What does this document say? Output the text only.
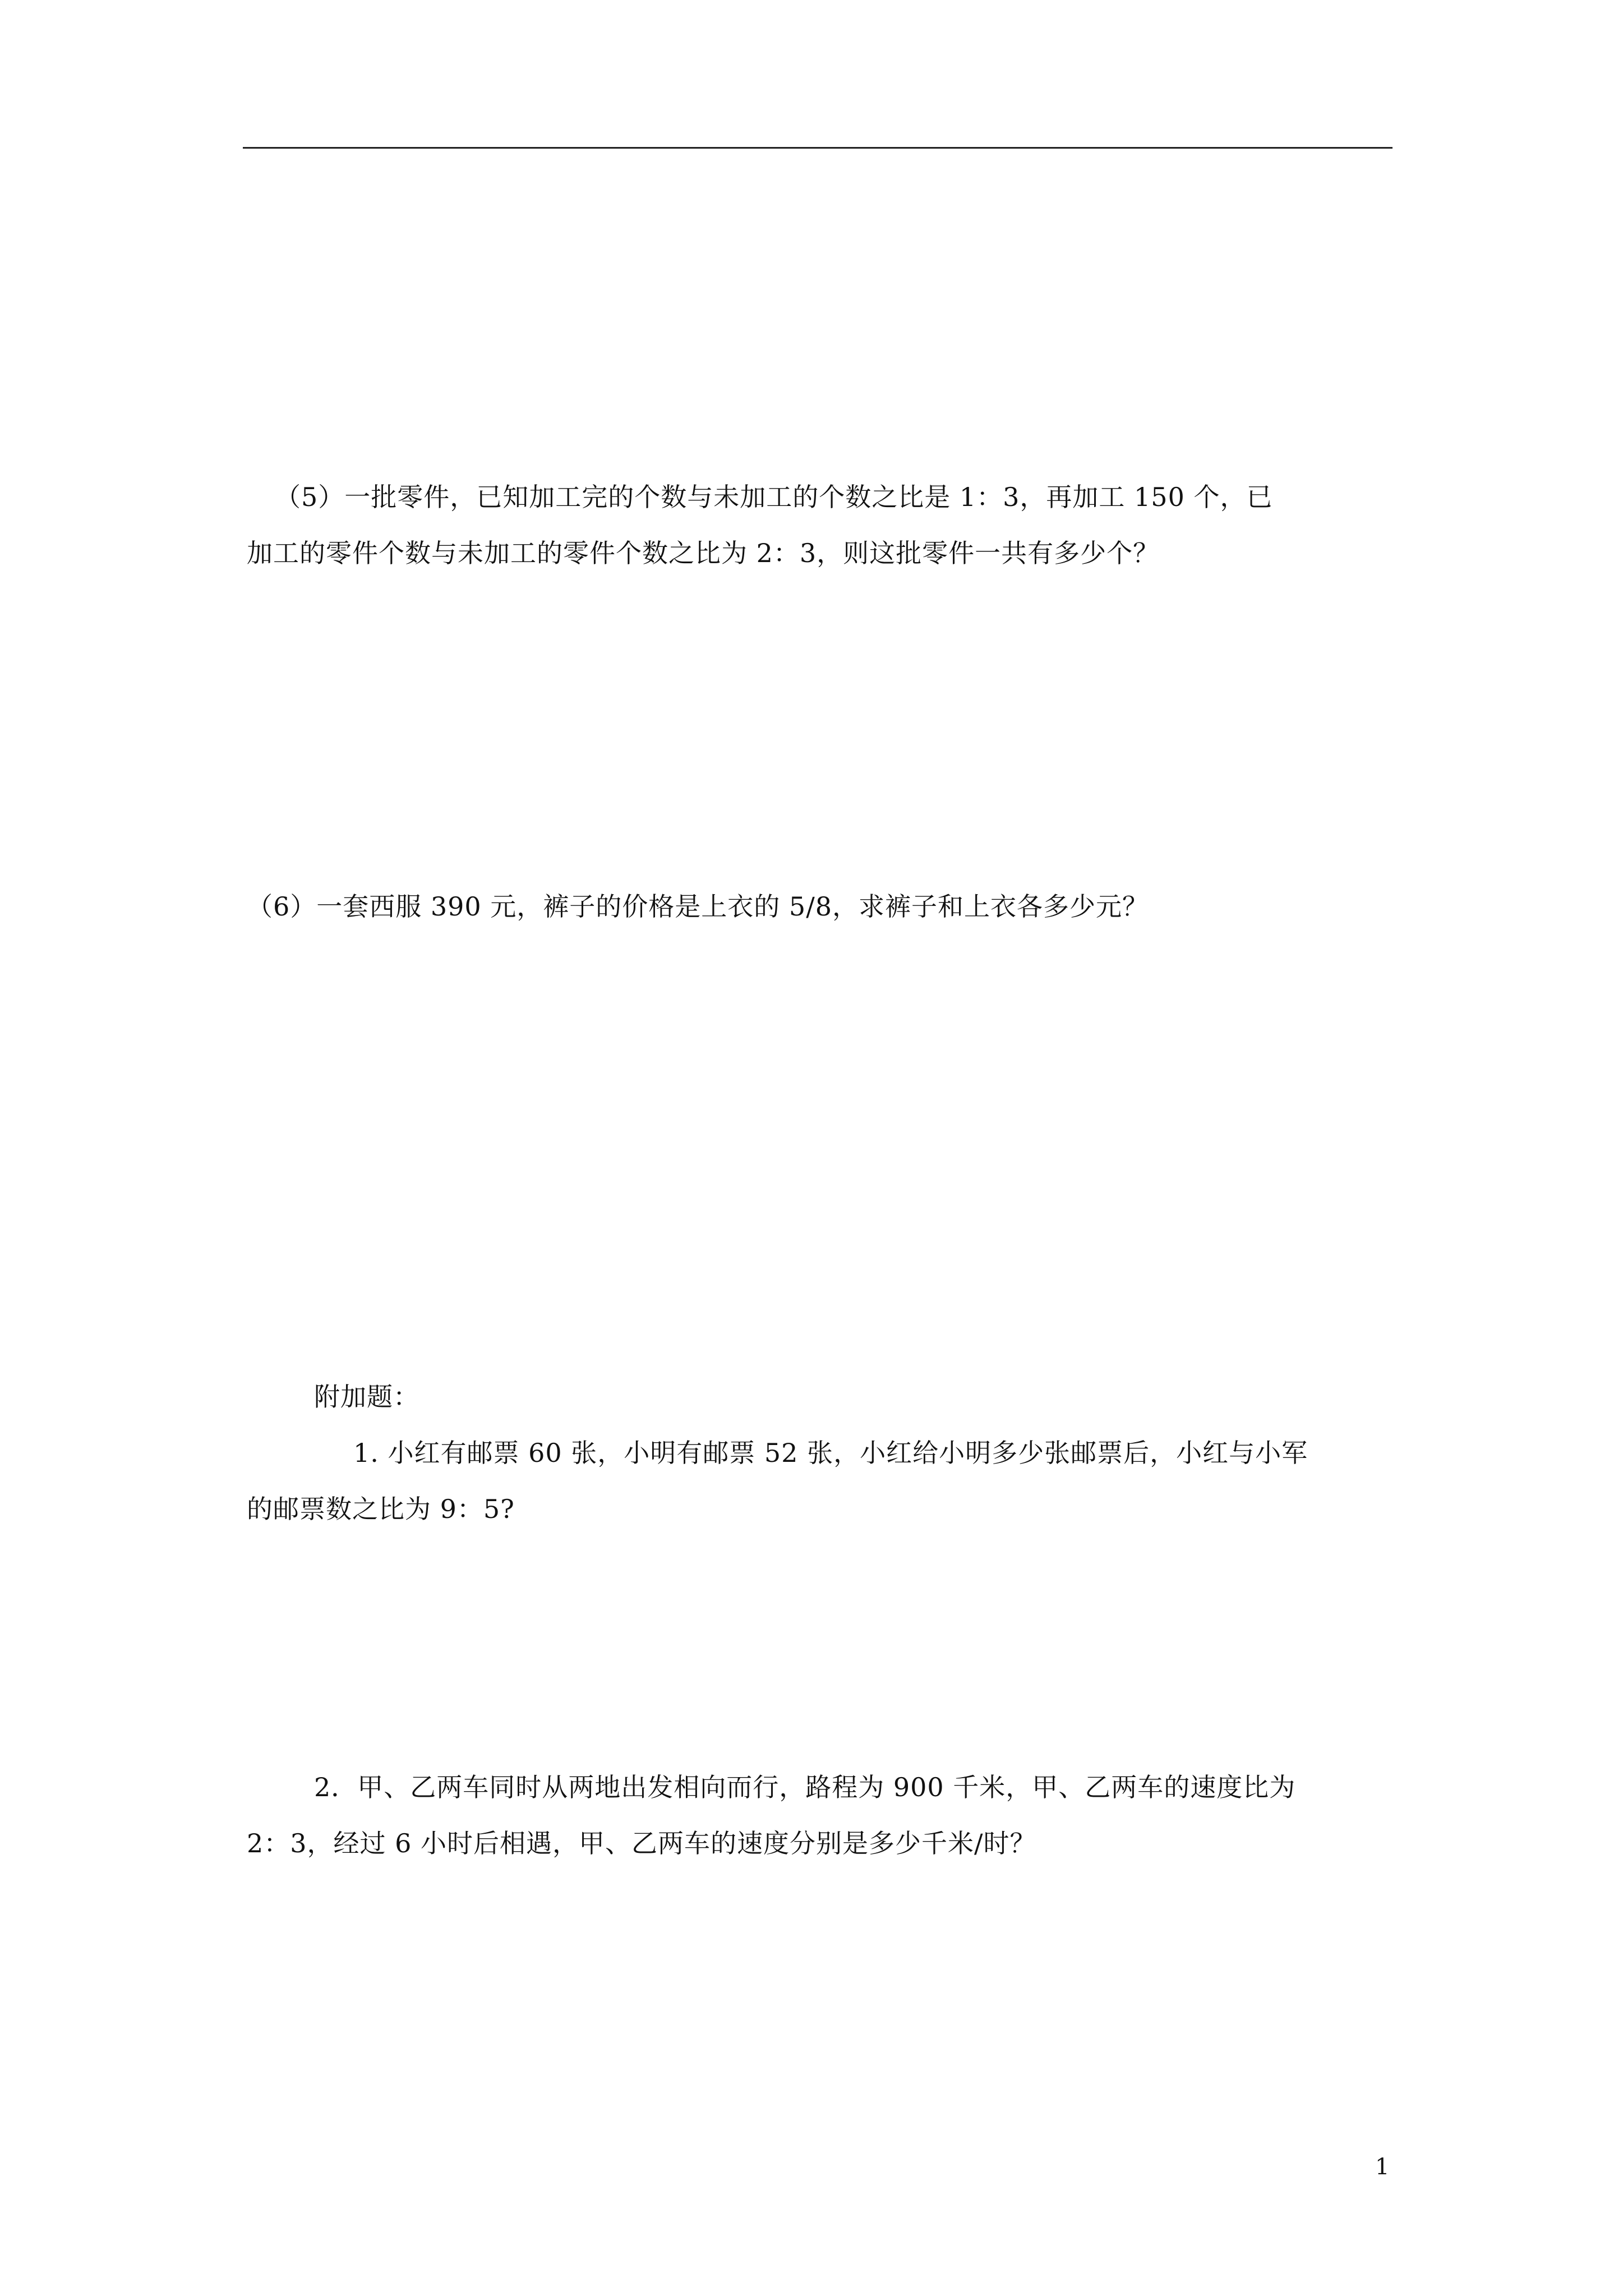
（5）一批零件，已知加工完的个数与未加工的个数之比是 1：3，再加工 150 个，已
加工的零件个数与未加工的零件个数之比为 2：3，则这批零件一共有多少个？
（6）一套西服 390 元，裤子的价格是上衣的 5/8，求裤子和上衣各多少元？
附加题：
1. 小红有邮票 60 张，小明有邮票 52 张，小红给小明多少张邮票后，小红与小军
的邮票数之比为 9：5?
2．甲、乙两车同时从两地出发相向而行，路程为 900 千米，甲、乙两车的速度比为
2：3，经过 6 小时后相遇，甲、乙两车的速度分别是多少千米/时？
1
